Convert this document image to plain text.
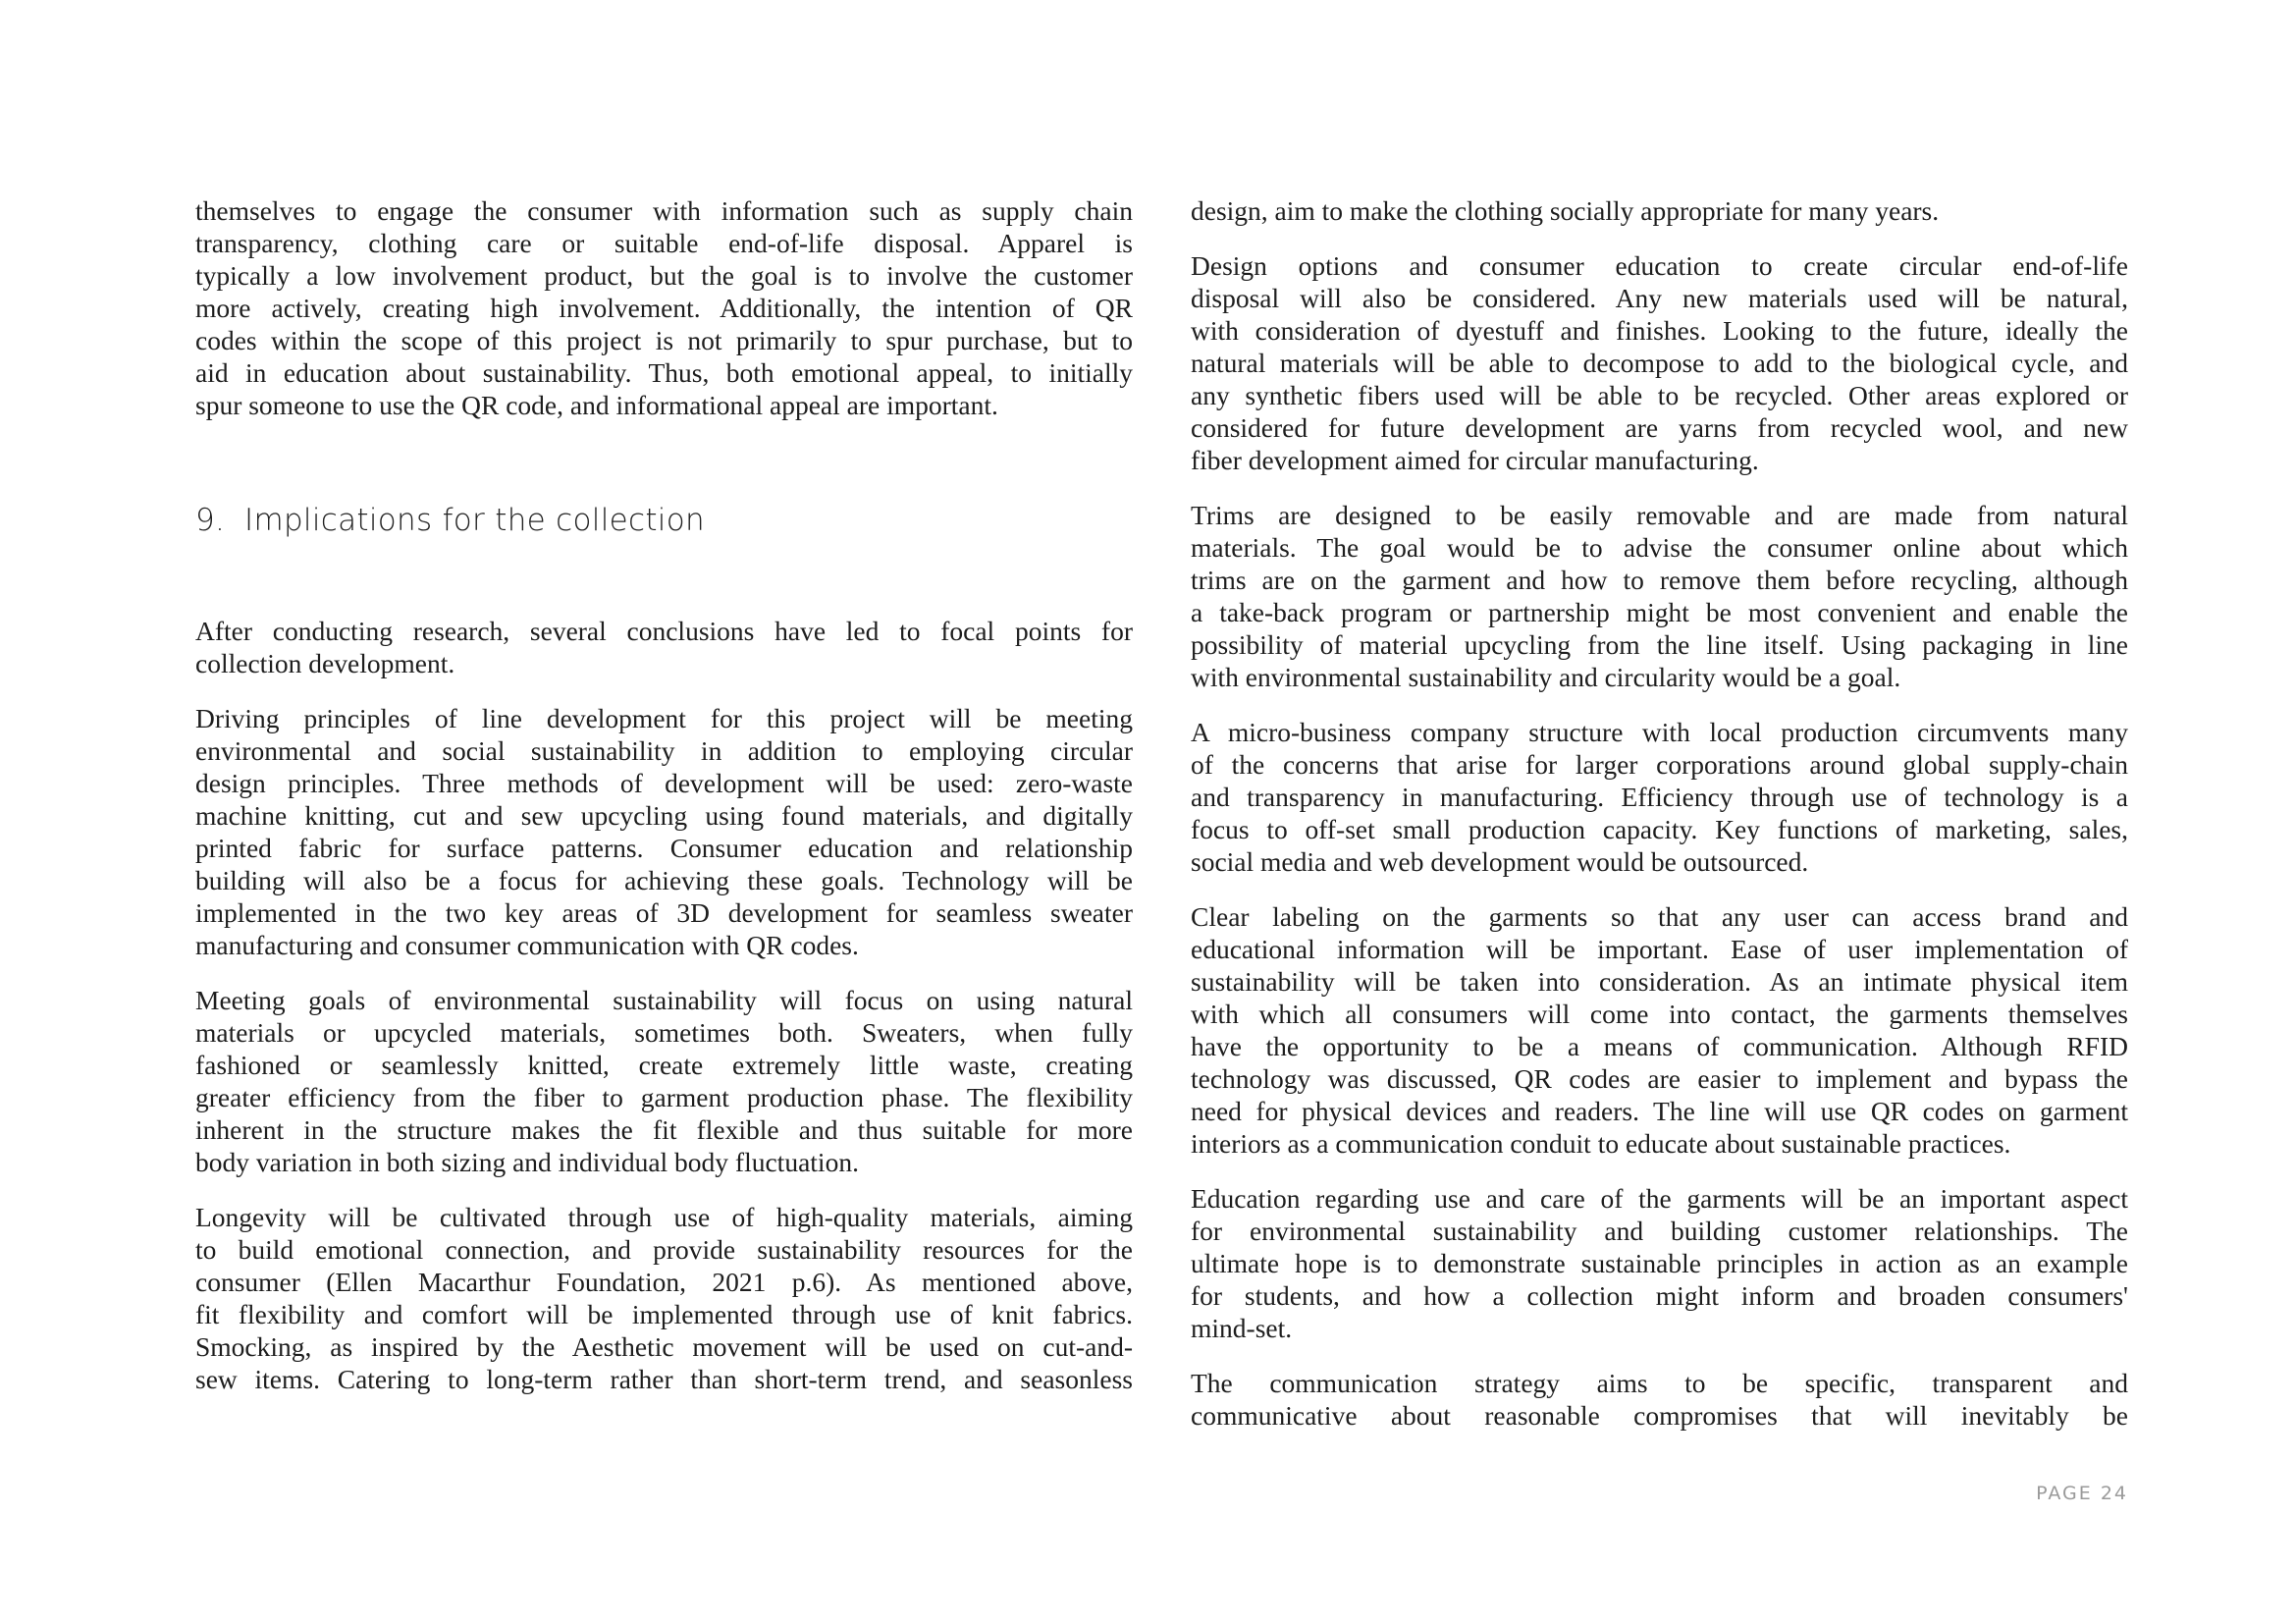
themselves to engage the consumer with information such as supply chain
transparency, clothing care or suitable end-of-life disposal. Apparel is
typically a low involvement product, but the goal is to involve the customer
more actively, creating high involvement. Additionally, the intention of QR
codes within the scope of this project is not primarily to spur purchase, but to
aid in education about sustainability. Thus, both emotional appeal, to initially
spur someone to use the QR code, and informational appeal are important.

9. Implications for the collection

After conducting research, several conclusions have led to focal points for
collection development.

Driving principles of line development for this project will be meeting
environmental and social sustainability in addition to employing circular
design principles. Three methods of development will be used: zero-waste
machine knitting, cut and sew upcycling using found materials, and digitally
printed fabric for surface patterns. Consumer education and relationship
building will also be a focus for achieving these goals. Technology will be
implemented in the two key areas of 3D development for seamless sweater
manufacturing and consumer communication with QR codes.

Meeting goals of environmental sustainability will focus on using natural
materials or upcycled materials, sometimes both. Sweaters, when fully
fashioned or seamlessly knitted, create extremely little waste, creating
greater efficiency from the fiber to garment production phase. The flexibility
inherent in the structure makes the fit flexible and thus suitable for more
body variation in both sizing and individual body fluctuation.

Longevity will be cultivated through use of high-quality materials, aiming
to build emotional connection, and provide sustainability resources for the
consumer (Ellen Macarthur Foundation, 2021 p.6). As mentioned above,
fit flexibility and comfort will be implemented through use of knit fabrics.
Smocking, as inspired by the Aesthetic movement will be used on cut-and-
sew items. Catering to long-term rather than short-term trend, and seasonless

design, aim to make the clothing socially appropriate for many years.

Design options and consumer education to create circular end-of-life
disposal will also be considered. Any new materials used will be natural,
with consideration of dyestuff and finishes. Looking to the future, ideally the
natural materials will be able to decompose to add to the biological cycle, and
any synthetic fibers used will be able to be recycled. Other areas explored or
considered for future development are yarns from recycled wool, and new
fiber development aimed for circular manufacturing.

Trims are designed to be easily removable and are made from natural
materials. The goal would be to advise the consumer online about which
trims are on the garment and how to remove them before recycling, although
a take-back program or partnership might be most convenient and enable the
possibility of material upcycling from the line itself. Using packaging in line
with environmental sustainability and circularity would be a goal.

A micro-business company structure with local production circumvents many
of the concerns that arise for larger corporations around global supply-chain
and transparency in manufacturing. Efficiency through use of technology is a
focus to off-set small production capacity. Key functions of marketing, sales,
social media and web development would be outsourced.

Clear labeling on the garments so that any user can access brand and
educational information will be important. Ease of user implementation of
sustainability will be taken into consideration. As an intimate physical item
with which all consumers will come into contact, the garments themselves
have the opportunity to be a means of communication. Although RFID
technology was discussed, QR codes are easier to implement and bypass the
need for physical devices and readers. The line will use QR codes on garment
interiors as a communication conduit to educate about sustainable practices.

Education regarding use and care of the garments will be an important aspect
for environmental sustainability and building customer relationships. The
ultimate hope is to demonstrate sustainable principles in action as an example
for students, and how a collection might inform and broaden consumers'
mind-set.

The communication strategy aims to be specific, transparent and
communicative about reasonable compromises that will inevitably be

PAGE 24
